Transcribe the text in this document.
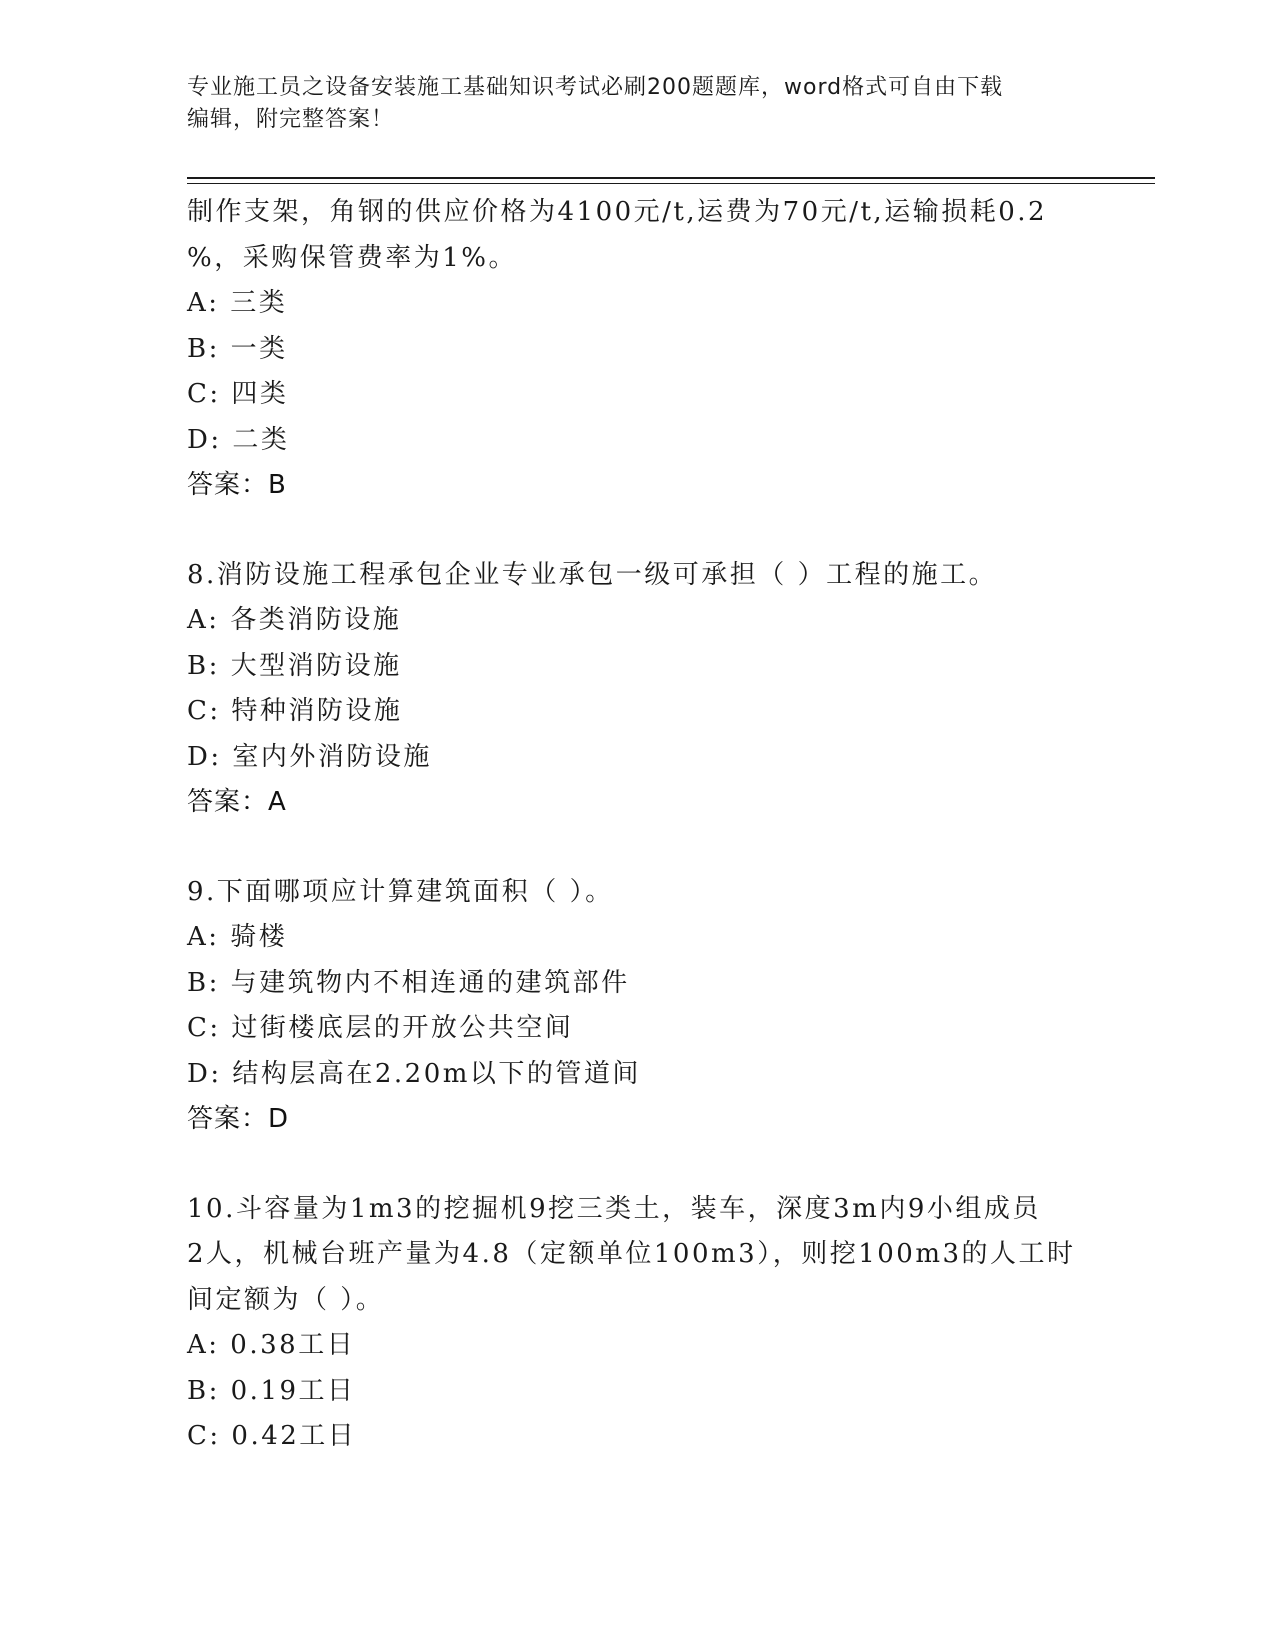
专业施工员之设备安装施工基础知识考试必刷200题题库，word格式可自由下载
编辑，附完整答案！
制作支架，角钢的供应价格为4100元/t,运费为70元/t,运输损耗0.2
%，采购保管费率为1%。
A: 三类
B: 一类
C: 四类
D: 二类
答案：B
8.消防设施工程承包企业专业承包一级可承担（ ）工程的施工。
A: 各类消防设施
B: 大型消防设施
C: 特种消防设施
D: 室内外消防设施
答案：A
9.下面哪项应计算建筑面积（ ）。
A: 骑楼
B: 与建筑物内不相连通的建筑部件
C: 过街楼底层的开放公共空间
D: 结构层高在2.20m以下的管道间
答案：D
10.斗容量为1m3的挖掘机9挖三类土，装车，深度3m内9小组成员
2人，机械台班产量为4.8（定额单位100m3），则挖100m3的人工时
间定额为（ ）。
A: 0.38工日
B: 0.19工日
C: 0.42工日
